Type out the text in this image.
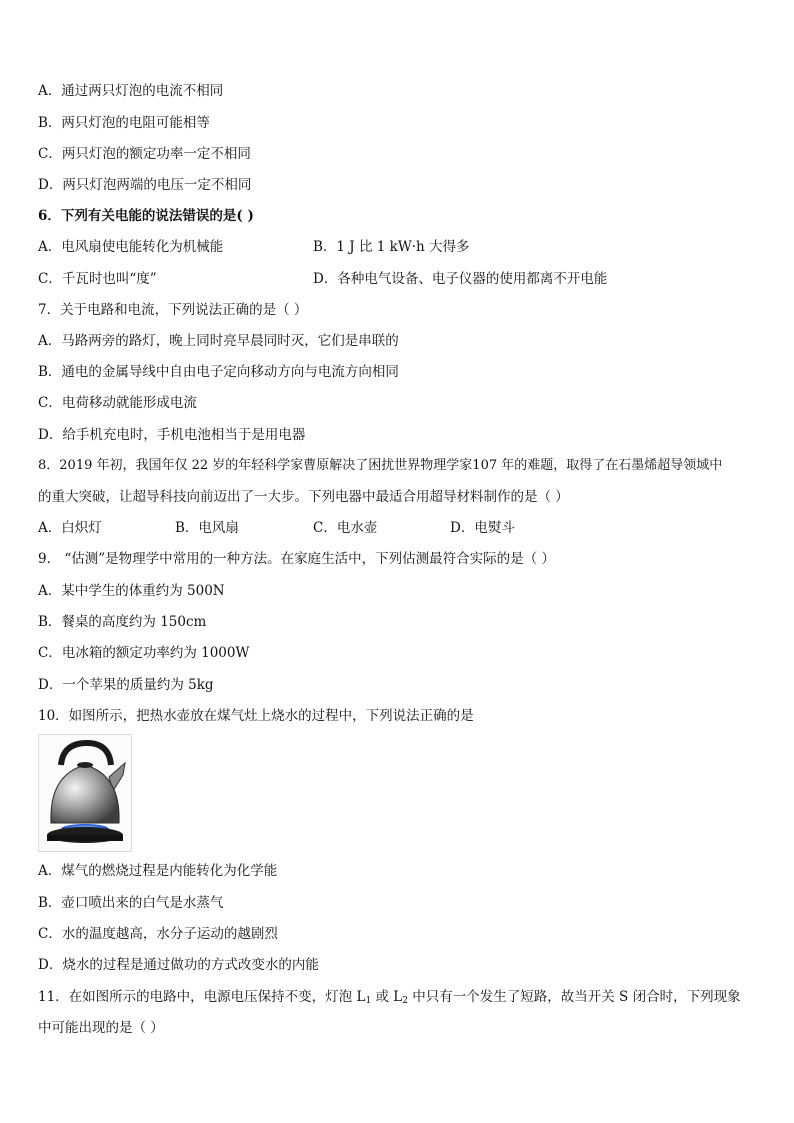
A．通过两只灯泡的电流不相同
B．两只灯泡的电阻可能相等
C．两只灯泡的额定功率一定不相同
D．两只灯泡两端的电压一定不相同
6．下列有关电能的说法错误的是( )
A．电风扇使电能转化为机械能	B．1 J 比 1 kW·h 大得多
C．千瓦时也叫“度”	D．各种电气设备、电子仪器的使用都离不开电能
7．关于电路和电流，下列说法正确的是（ ）
A．马路两旁的路灯，晚上同时亮早晨同时灭，它们是串联的
B．通电的金属导线中自由电子定向移动方向与电流方向相同
C．电荷移动就能形成电流
D．给手机充电时，手机电池相当于是用电器
8．2019 年初，我国年仅 22 岁的年轻科学家曹原解决了困扰世界物理学家107 年的难题，取得了在石墨烯超导领域中
的重大突破，让超导科技向前迈出了一大步。下列电器中最适合用超导材料制作的是（ ）
A．白炽灯	B．电风扇	C．电水壶	D．电熨斗
9． “估测”是物理学中常用的一种方法。在家庭生活中，下列估测最符合实际的是（ ）
A．某中学生的体重约为 500N
B．餐桌的高度约为 150cm
C．电冰箱的额定功率约为 1000W
D．一个苹果的质量约为 5kg
10．如图所示，把热水壶放在煤气灶上烧水的过程中，下列说法正确的是
A．煤气的燃烧过程是内能转化为化学能
B．壶口喷出来的白气是水蒸气
C．水的温度越高，水分子运动的越剧烈
D．烧水的过程是通过做功的方式改变水的内能
11．在如图所示的电路中，电源电压保持不变，灯泡 $L_1$ 或 $L_2$ 中只有一个发生了短路，故当开关 S 闭合时，下列现象
中可能出现的是（ ）
